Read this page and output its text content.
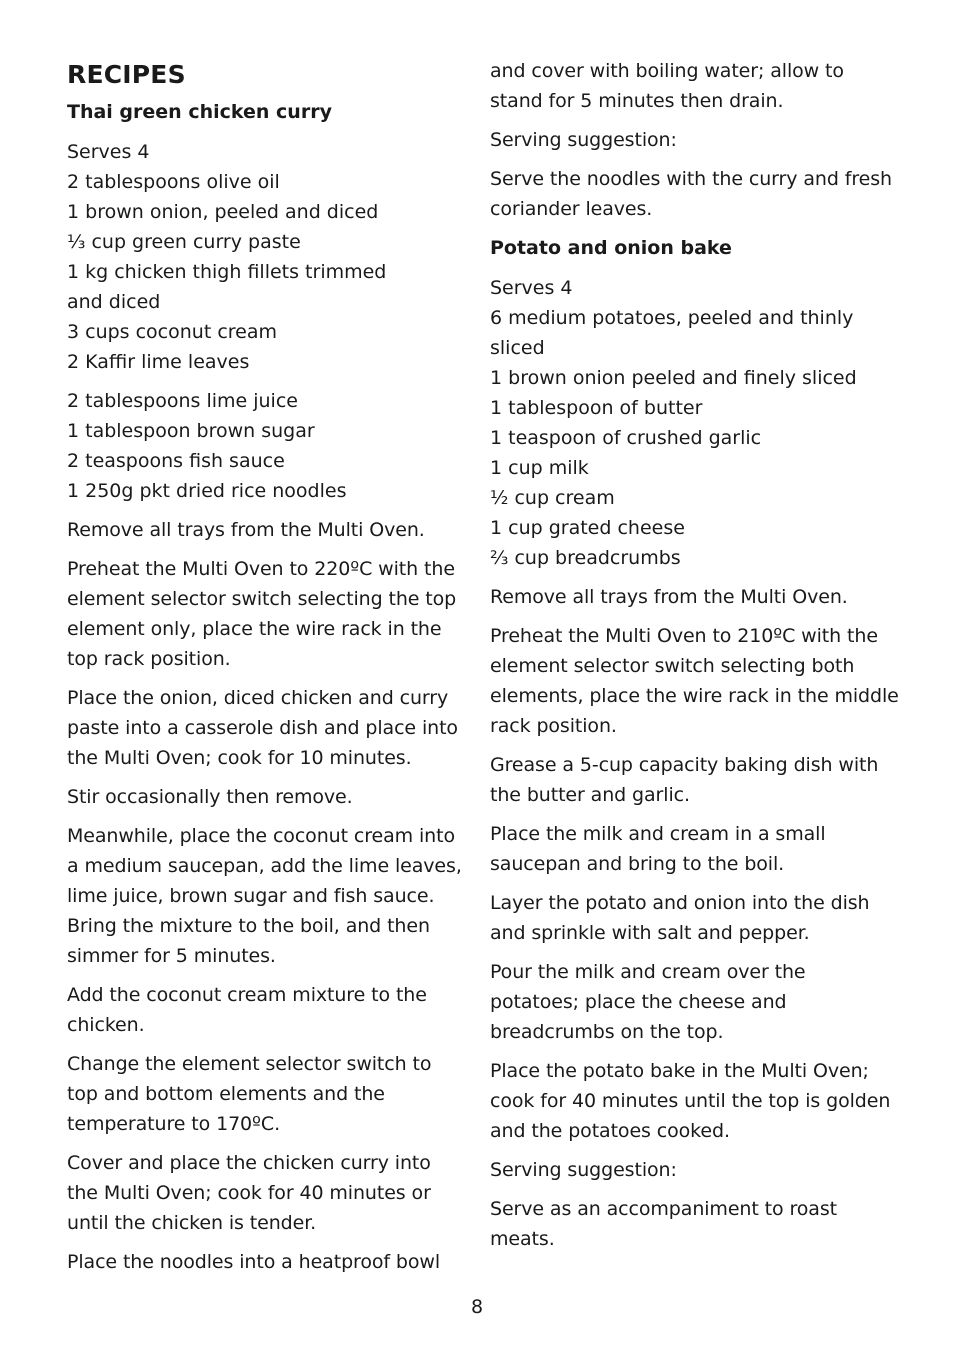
RECIPES
Thai green chicken curry
Serves 4
2 tablespoons olive oil
1 brown onion, peeled and diced
⅓ cup green curry paste
1 kg chicken thigh fillets trimmed
and diced
3 cups coconut cream
2 Kaffir lime leaves
2 tablespoons lime juice
1 tablespoon brown sugar
2 teaspoons fish sauce
1 250g pkt dried rice noodles

Remove all trays from the Multi Oven.

Preheat the Multi Oven to 220ºC with the element selector switch selecting the top element only, place the wire rack in the top rack position.

Place the onion, diced chicken and curry paste into a casserole dish and place into the Multi Oven; cook for 10 minutes.

Stir occasionally then remove.

Meanwhile, place the coconut cream into a medium saucepan, add the lime leaves, lime juice, brown sugar and fish sauce. Bring the mixture to the boil, and then simmer for 5 minutes.

Add the coconut cream mixture to the chicken.

Change the element selector switch to top and bottom elements and the temperature to 170ºC.

Cover and place the chicken curry into the Multi Oven; cook for 40 minutes or until the chicken is tender.

Place the noodles into a heatproof bowl

and cover with boiling water; allow to stand for 5 minutes then drain.

Serving suggestion:

Serve the noodles with the curry and fresh coriander leaves.

Potato and onion bake
Serves 4
6 medium potatoes, peeled and thinly
sliced
1 brown onion peeled and finely sliced
1 tablespoon of butter
1 teaspoon of crushed garlic
1 cup milk
½ cup cream
1 cup grated cheese
⅔ cup breadcrumbs

Remove all trays from the Multi Oven.

Preheat the Multi Oven to 210ºC with the element selector switch selecting both elements, place the wire rack in the middle rack position.

Grease a 5-cup capacity baking dish with the butter and garlic.

Place the milk and cream in a small saucepan and bring to the boil.

Layer the potato and onion into the dish and sprinkle with salt and pepper.

Pour the milk and cream over the potatoes; place the cheese and breadcrumbs on the top.

Place the potato bake in the Multi Oven; cook for 40 minutes until the top is golden and the potatoes cooked.

Serving suggestion:

Serve as an accompaniment to roast meats.

8
